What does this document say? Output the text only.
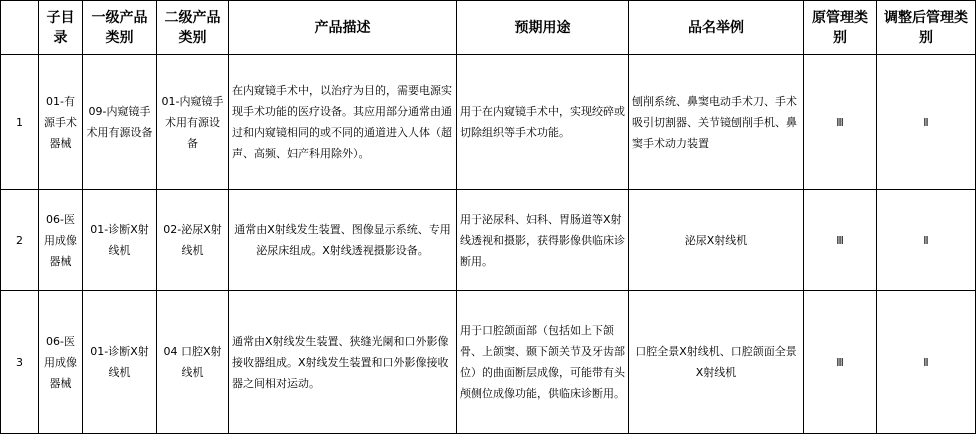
	子目录	一级产品类别	二级产品类别	产品描述	预期用途	品名举例	原管理类别	调整后管理类别
1	01-有源手术器械	09-内窥镜手术用有源设备	01-内窥镜手术用有源设备	在内窥镜手术中，以治疗为目的，需要电源实现手术功能的医疗设备。其应用部分通常由通过和内窥镜相同的或不同的通道进入人体（超声、高频、妇产科用除外）。	用于在内窥镜手术中，实现绞碎或切除组织等手术功能。	刨削系统、鼻窦电动手术刀、手术吸引切割器、关节镜刨削手机、鼻窦手术动力装置	Ⅲ	Ⅱ
2	06-医用成像器械	01-诊断X射线机	02-泌尿X射线机	通常由X射线发生装置、图像显示系统、专用泌尿床组成。X射线透视摄影设备。	用于泌尿科、妇科、胃肠道等X射线透视和摄影，获得影像供临床诊断用。	泌尿X射线机	Ⅲ	Ⅱ
3	06-医用成像器械	01-诊断X射线机	04 口腔X射线机	通常由X射线发生装置、狭缝光阑和口外影像接收器组成。X射线发生装置和口外影像接收器之间相对运动。	用于口腔颌面部（包括如上下颌骨、上颌窦、颞下颌关节及牙齿部位）的曲面断层成像，可能带有头颅侧位成像功能，供临床诊断用。	口腔全景X射线机、口腔颌面全景X射线机	Ⅲ	Ⅱ
